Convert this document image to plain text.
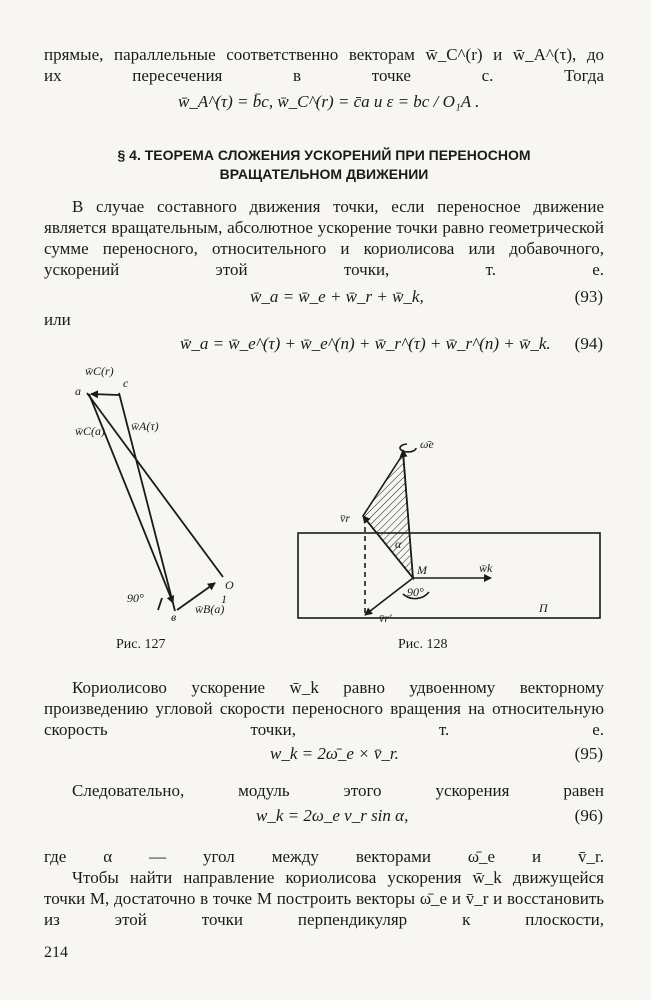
прямые, параллельные соответственно векторам w̄_C^(r) и w̄_A^(τ), до
их пересечения в точке c. Тогда
w̄_A^(τ) = b̄c, w̄_C^(r) = c̄a и ε = bc / O₁A .
§ 4. ТЕОРЕМА СЛОЖЕНИЯ УСКОРЕНИЙ ПРИ ПЕРЕНОСНОМ
ВРАЩАТЕЛЬНОМ ДВИЖЕНИИ
В случае составного движения точки, если переносное движение является вращательным, абсолютное ускорение точки равно геометрической сумме переносного, относительного и кориолисова или добавочного, ускорений этой точки, т. е.
w̄_a = w̄_e + w̄_r + w̄_k,	(93)
или
w̄_a = w̄_e^(τ) + w̄_e^(n) + w̄_r^(τ) + w̄_r^(n) + w̄_k. (94)
a
c
w̄C(r)
w̄C(a) w̄A(τ)
90°
в
w̄B(a)
O
1
Рис. 127
ω̄e
v̄r
α
M	w̄k
90°
v̄r′
П
Рис. 128
Кориолисово ускорение w̄_k равно удвоенному векторному произведению угловой скорости переносного вращения на относительную скорость точки, т. е.
w_k = 2ω̄_e × v̄_r.	(95)
Следовательно, модуль этого ускорения равен
w_k = 2ω_e v_r sin α,	(96)
где α — угол между векторами ω̄_e и v̄_r.
Чтобы найти направление кориолисова ускорения w̄_k движущейся точки M, достаточно в точке M построить векторы ω̄_e и v̄_r и восстановить из этой точки перпендикуляр к плоскости,
214
